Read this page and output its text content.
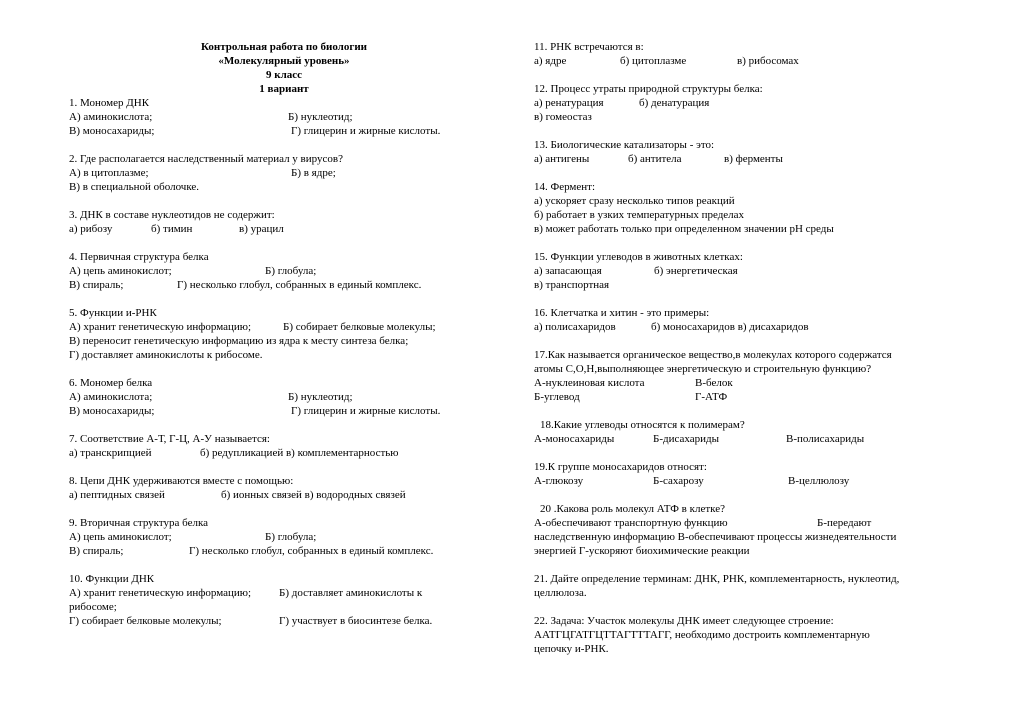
Контрольная работа по биологии
«Молекулярный уровень»
9 класс
1 вариант
1. Мономер ДНК
А) аминокислота;	Б) нуклеотид;
В) моносахариды;	Г) глицерин и жирные кислоты.
2. Где располагается наследственный материал у вирусов?
А) в цитоплазме;	Б) в ядре;
В) в специальной оболочке.
3. ДНК в составе нуклеотидов не содержит:
а) рибозу	б) тимин	в) урацил
4. Первичная структура белка
А) цепь аминокислот;	Б) глобула;
В) спираль;	Г) несколько глобул, собранных в единый комплекс.
5. Функции и-РНК
А) хранит генетическую информацию;	Б) собирает белковые молекулы;
В) переносит генетическую информацию из ядра к месту синтеза белка;
Г) доставляет аминокислоты к рибосоме.
6. Мономер белка
А) аминокислота;	Б) нуклеотид;
В) моносахариды;	Г) глицерин и жирные кислоты.
7. Соответствие А-Т, Г-Ц, А-У называется:
а) транскрипцией	б) редупликацией в) комплементарностью
8. Цепи ДНК удерживаются вместе с помощью:
а) пептидных связей	б) ионных связей в) водородных связей
9. Вторичная структура белка
А) цепь аминокислот;	Б) глобула;
В) спираль;	Г) несколько глобул, собранных в единый комплекс.
10. Функции ДНК
А) хранит генетическую информацию;	Б) доставляет аминокислоты к
рибосоме;
Г) собирает белковые молекулы;	Г) участвует в биосинтезе белка.
11. РНК встречаются в:
а) ядре	б) цитоплазме	в) рибосомах
12. Процесс утраты природной структуры белка:
а) ренатурация	б) денатурация
в) гомеостаз
13. Биологические катализаторы - это:
а) антигены	б) антитела	в) ферменты
14. Фермент:
а) ускоряет сразу несколько типов реакций
б) работает в узких температурных пределах
в) может работать только при определенном значении pH среды
15. Функции углеводов в животных клетках:
а) запасающая	б) энергетическая
в) транспортная
16. Клетчатка и хитин - это примеры:
а) полисахаридов	б) моносахаридов в) дисахаридов
17.Как называется органическое вещество,в молекулах которого содержатся
атомы С,О,Н,выполняющее энергетическую и строительную функцию?
А-нуклеиновая кислота	В-белок
Б-углевод	Г-АТФ
18.Какие углеводы относятся к полимерам?
А-моносахариды	Б-дисахариды	В-полисахариды
19.К группе моносахаридов относят:
А-глюкозу	Б-сахарозу	В-целлюлозу
20 .Какова роль молекул АТФ в клетке?
А-обеспечивают транспортную функцию	Б-передают
наследственную информацию В-обеспечивают процессы жизнедеятельности
энергией Г-ускоряют биохимические реакции
21. Дайте определение терминам: ДНК, РНК, комплементарность, нуклеотид,
целлюлоза.
22. Задача: Участок молекулы ДНК имеет следующее строение:
ААТГЦГАТГЦТТАГТТТАГГ, необходимо достроить комплементарную
цепочку и-РНК.
